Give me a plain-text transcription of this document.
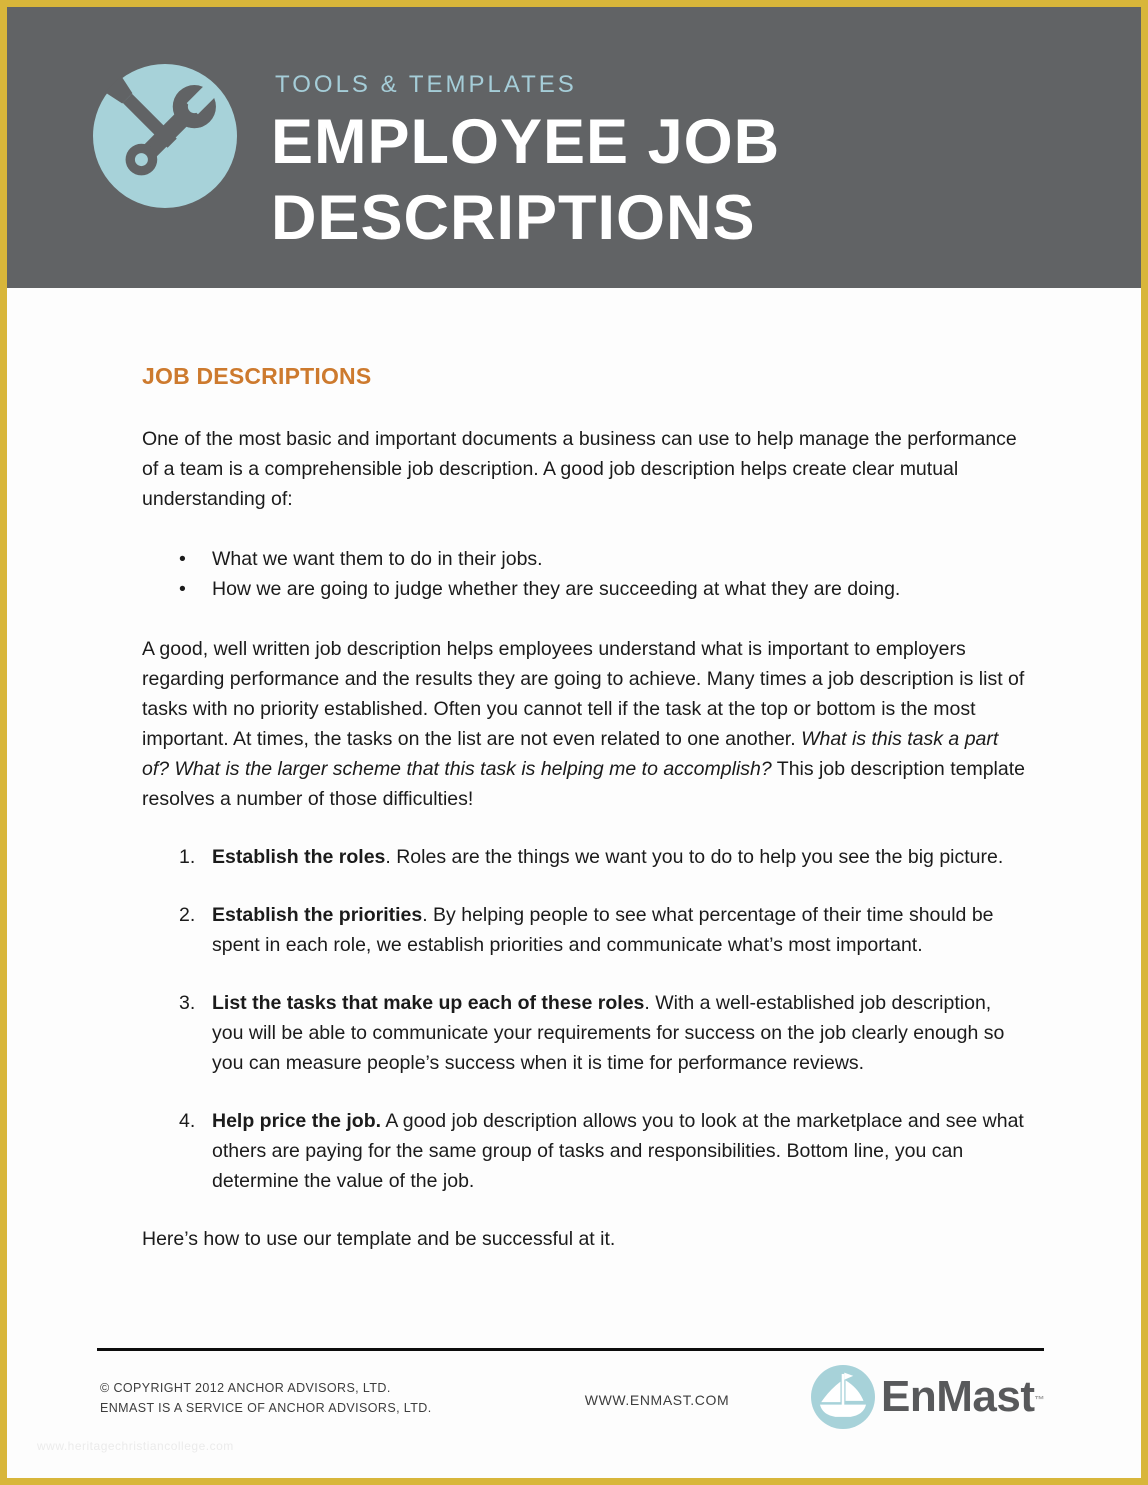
TOOLS & TEMPLATES
EMPLOYEE JOB
DESCRIPTIONS
JOB DESCRIPTIONS

One of the most basic and important documents a business can use to help manage the performance of a team is a comprehensible job description. A good job description helps create clear mutual understanding of:

•	What we want them to do in their jobs.
•	How we are going to judge whether they are succeeding at what they are doing.

A good, well written job description helps employees understand what is important to employers regarding performance and the results they are going to achieve. Many times a job description is list of tasks with no priority established. Often you cannot tell if the task at the top or bottom is the most important. At times, the tasks on the list are not even related to one another. What is this task a part of? What is the larger scheme that this task is helping me to accomplish? This job description template resolves a number of those difficulties!

1. Establish the roles. Roles are the things we want you to do to help you see the big picture.
2. Establish the priorities. By helping people to see what percentage of their time should be spent in each role, we establish priorities and communicate what’s most important.
3. List the tasks that make up each of these roles. With a well-established job description, you will be able to communicate your requirements for success on the job clearly enough so you can measure people’s success when it is time for performance reviews.
4. Help price the job. A good job description allows you to look at the marketplace and see what others are paying for the same group of tasks and responsibilities. Bottom line, you can determine the value of the job.

Here’s how to use our template and be successful at it.

© COPYRIGHT 2012 ANCHOR ADVISORS, LTD.
ENMAST IS A SERVICE OF ANCHOR ADVISORS, LTD.	WWW.ENMAST.COM	EnMast™
www.heritagechristiancollege.com
